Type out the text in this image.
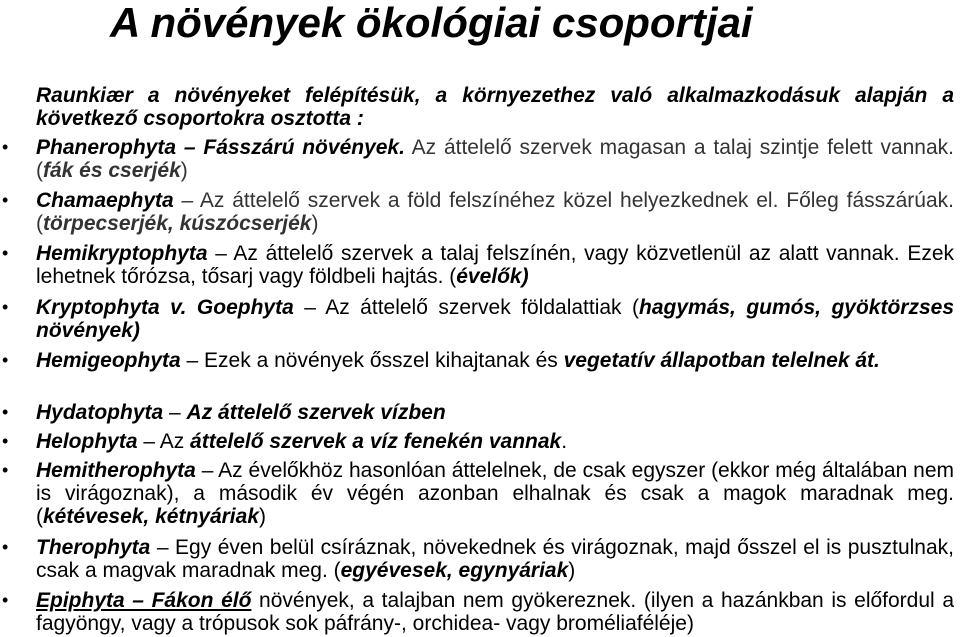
A növények ökológiai csoportjai
Raunkiær a növényeket felépítésük, a környezethez való alkalmazkodásuk alapján a következő csoportokra osztotta :
• Phanerophyta – Fásszárú növények. Az áttelelő szervek magasan a talaj szintje felett vannak. (fák és cserjék)
• Chamaephyta – Az áttelelő szervek a föld felszínéhez közel helyezkednek el. Főleg fásszárúak. (törpecserjék, kúszócserjék)
• Hemikryptophyta – Az áttelelő szervek a talaj felszínén, vagy közvetlenül az alatt vannak. Ezek lehetnek tőrózsa, tősarj vagy földbeli hajtás. (évelők)
• Kryptophyta v. Goephyta – Az áttelelő szervek földalattiak (hagymás, gumós, gyöktörzses növények)
• Hemigeophyta – Ezek a növények ősszel kihajtanak és vegetatív állapotban telelnek át.
• Hydatophyta – Az áttelelő szervek vízben
• Helophyta – Az áttelelő szervek a víz fenekén vannak.
• Hemitherophyta – Az évelőkhöz hasonlóan áttelelnek, de csak egyszer (ekkor még általában nem is virágoznak), a második év végén azonban elhalnak és csak a magok maradnak meg. (kétévesek, kétnyáriak)
• Therophyta – Egy éven belül csíráznak, növekednek és virágoznak, majd ősszel el is pusztulnak, csak a magvak maradnak meg. (egyévesek, egynyáriak)
• Epiphyta – Fákon élő növények, a talajban nem gyökereznek. (ilyen a hazánkban is előfordul a fagyöngy, vagy a trópusok sok páfrány-, orchidea- vagy broméliaféléje)
